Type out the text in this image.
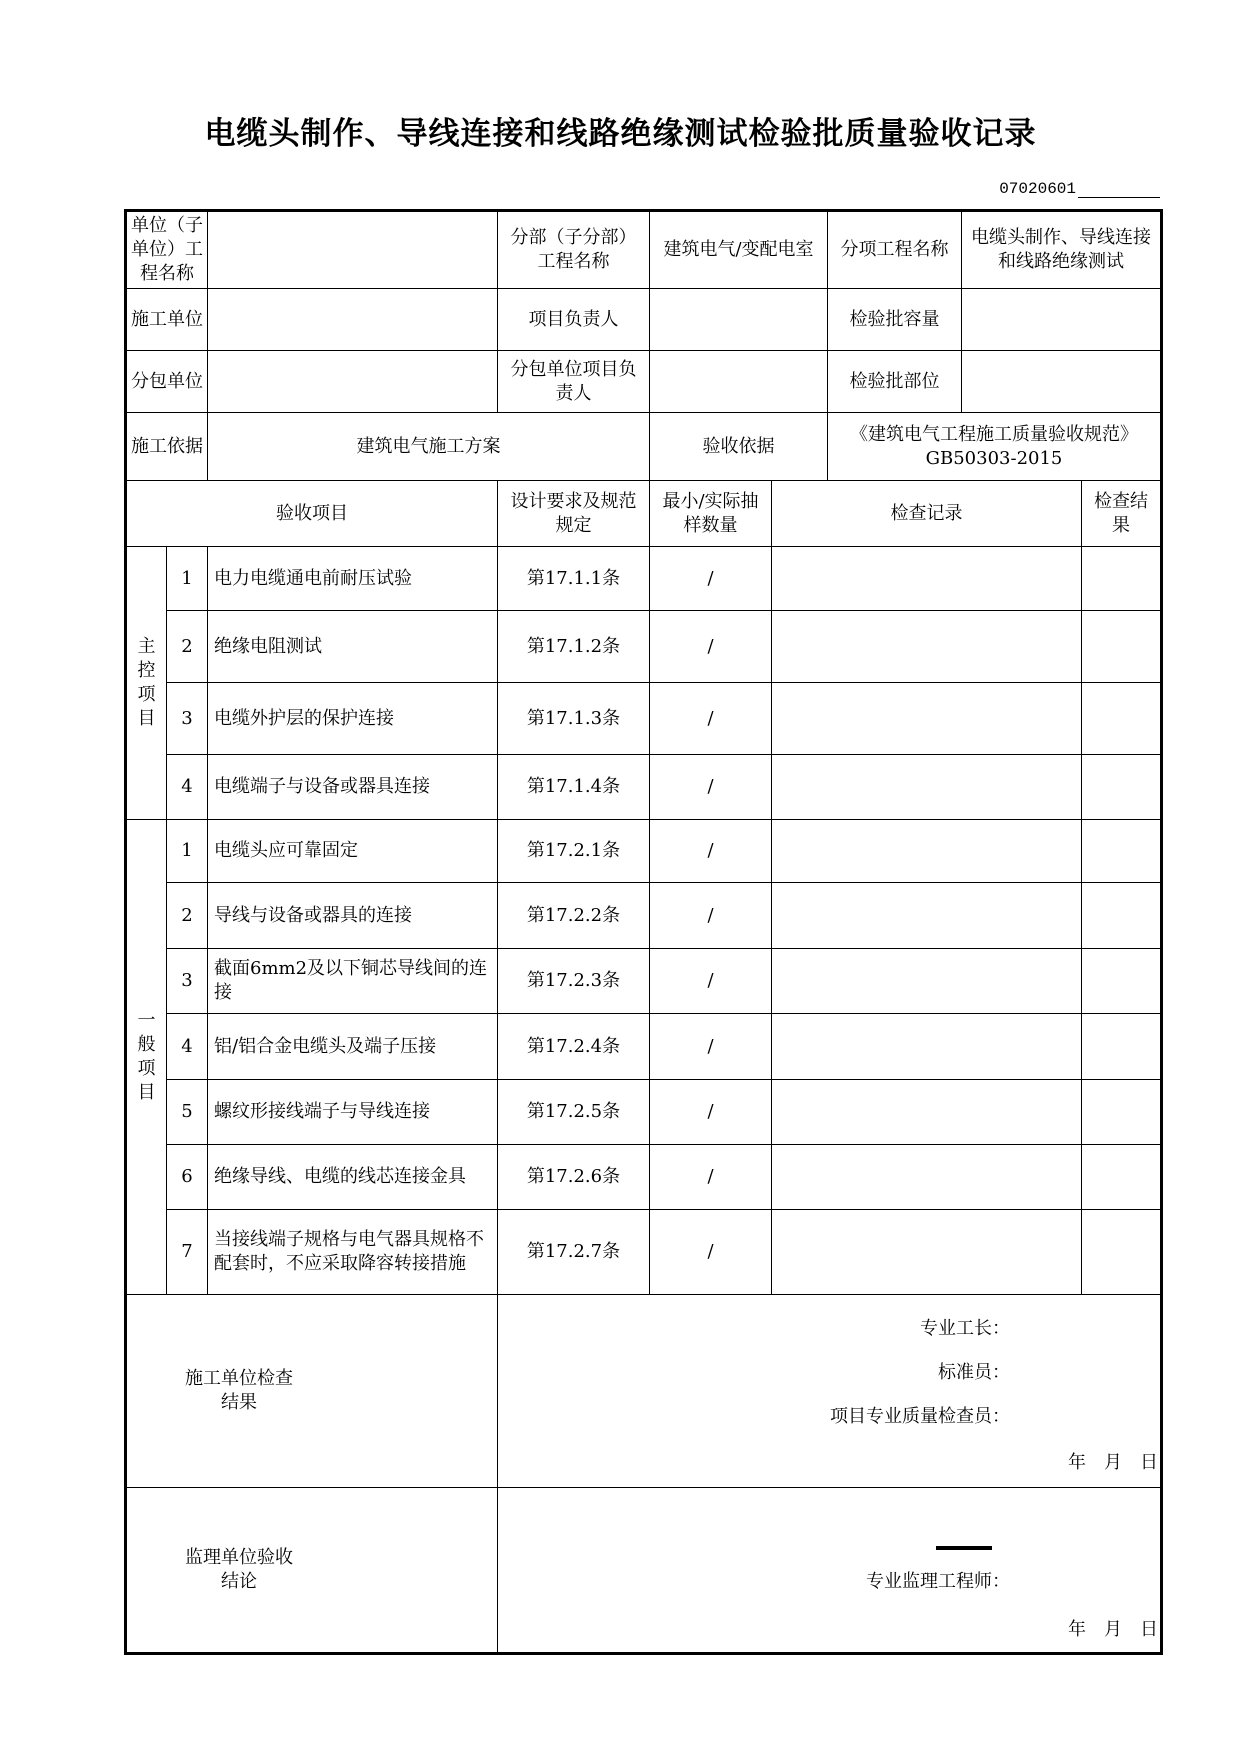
电缆头制作、导线连接和线路绝缘测试检验批质量验收记录
07020601
单位（子单位）工程名称			分部（子分部）工程名称	建筑电气/变配电室		分项工程名称	电缆头制作、导线连接和线路绝缘测试	
施工单位			项目负责人			检验批容量		
分包单位			分包单位项目负责人			检验批部位		
施工依据		建筑电气施工方案		验收依据		《建筑电气工程施工质量验收规范》GB50303-2015		
验收项目			设计要求及规范规定	最小/实际抽样数量	检查记录			检查结果

主
控
项
目	1	电力电缆通电前耐压试验	第17.1.1条	/				
	2	绝缘电阻测试	第17.1.2条	/				
	3	电缆外护层的保护连接	第17.1.3条	/				
	4	电缆端子与设备或器具连接	第17.1.4条	/				

一
般
项
目	1	电缆头应可靠固定	第17.2.1条	/				
	2	导线与设备或器具的连接	第17.2.2条	/				
	3	截面6mm2及以下铜芯导线间的连接	第17.2.3条	/				
	4	铝/铝合金电缆头及端子压接	第17.2.4条	/				
	5	螺纹形接线端子与导线连接	第17.2.5条	/				
	6	绝缘导线、电缆的线芯连接金具	第17.2.6条	/				
	7	当接线端子规格与电气器具规格不配套时，不应采取降容转接措施	第17.2.7条	/				

施工单位检查结果			专业工长：
标准员：
项目专业质量检查员：
年　月　日					

监理单位验收结论			专业监理工程师：
年　月　日					
